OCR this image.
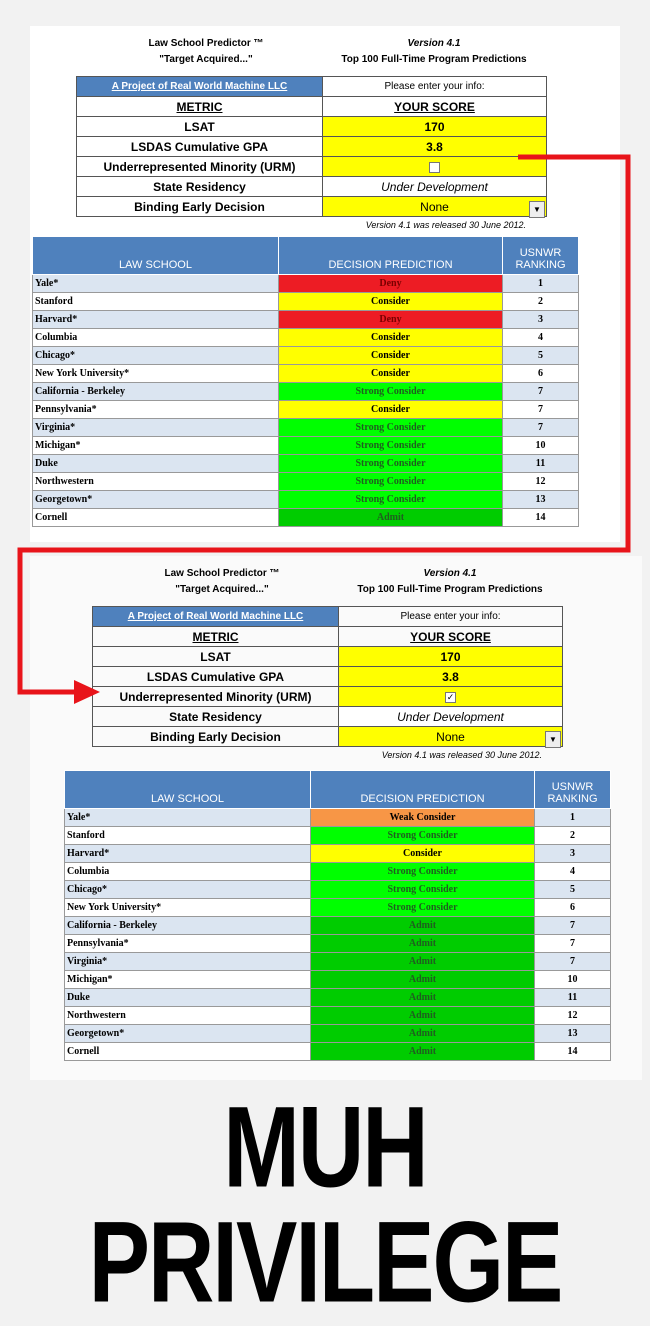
Law School Predictor ™
"Target Acquired..."
Version 4.1
Top 100 Full-Time Program Predictions
A Project of Real World Machine LLC	Please enter your info:
METRIC	YOUR SCORE
LSAT	170
LSDAS Cumulative GPA	3.8
Underrepresented Minority (URM)	
State Residency	Under Development
Binding Early Decision	None ▼
Version 4.1 was released 30 June 2012.
LAW SCHOOL	DECISION PREDICTION	USNWR RANKING
Yale*	Deny	1
Stanford	Consider	2
Harvard*	Deny	3
Columbia	Consider	4
Chicago*	Consider	5
New York University*	Consider	6
California - Berkeley	Strong Consider	7
Pennsylvania*	Consider	7
Virginia*	Strong Consider	7
Michigan*	Strong Consider	10
Duke	Strong Consider	11
Northwestern	Strong Consider	12
Georgetown*	Strong Consider	13
Cornell	Admit	14
Law School Predictor ™
"Target Acquired..."
Version 4.1
Top 100 Full-Time Program Predictions
A Project of Real World Machine LLC	Please enter your info:
METRIC	YOUR SCORE
LSAT	170
LSDAS Cumulative GPA	3.8
Underrepresented Minority (URM)	✓
State Residency	Under Development
Binding Early Decision	None ▼
Version 4.1 was released 30 June 2012.
LAW SCHOOL	DECISION PREDICTION	USNWR RANKING
Yale*	Weak Consider	1
Stanford	Strong Consider	2
Harvard*	Consider	3
Columbia	Strong Consider	4
Chicago*	Strong Consider	5
New York University*	Strong Consider	6
California - Berkeley	Admit	7
Pennsylvania*	Admit	7
Virginia*	Admit	7
Michigan*	Admit	10
Duke	Admit	11
Northwestern	Admit	12
Georgetown*	Admit	13
Cornell	Admit	14
MUH PRIVILEGE
